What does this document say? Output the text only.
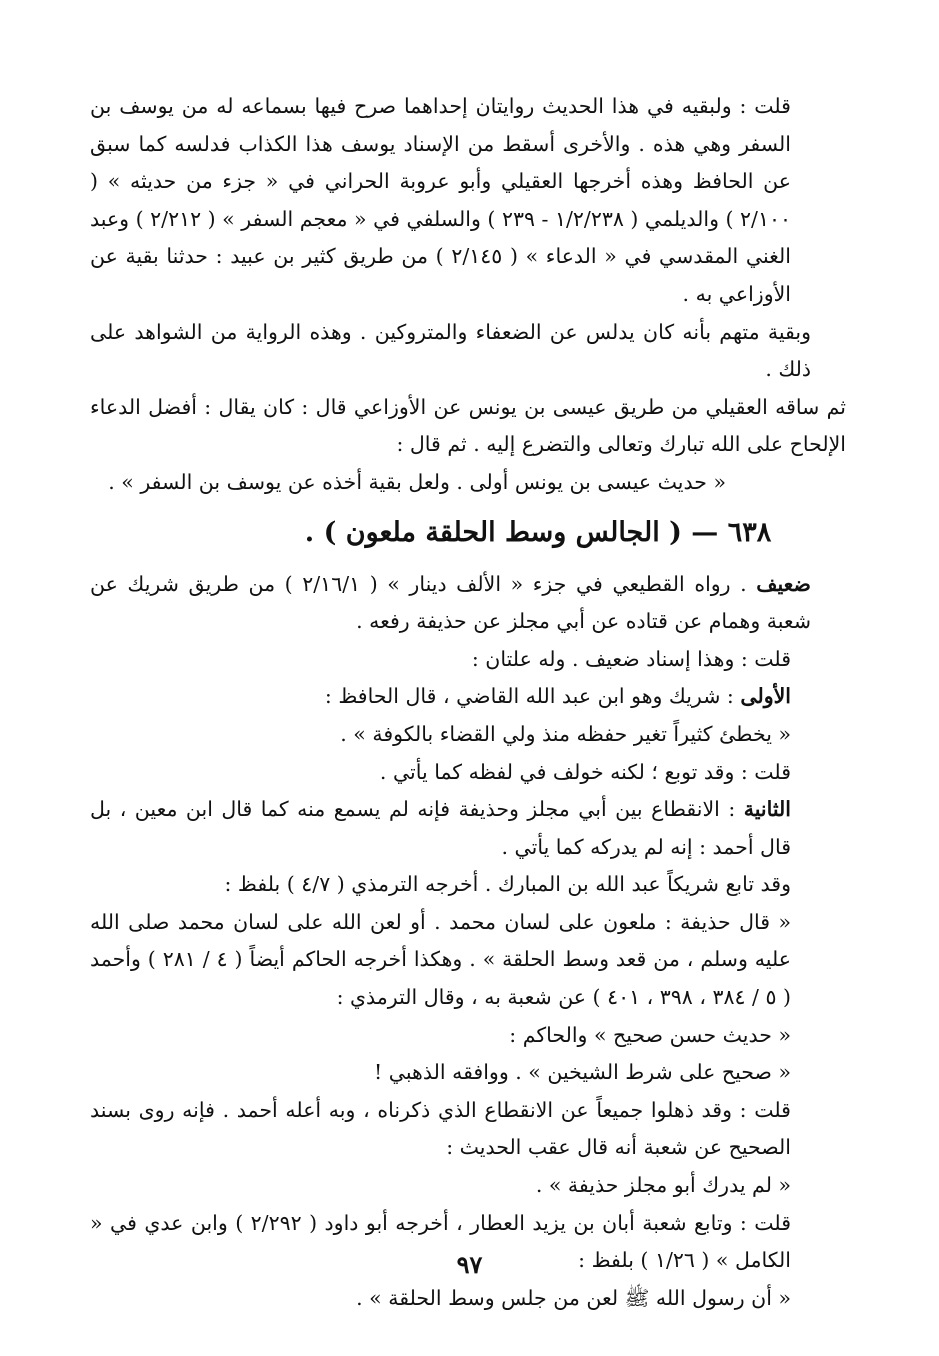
قلت : ولبقيه في هذا الحديث روايتان إحداهما صرح فيها بسماعه له من يوسف بن السفر وهي هذه . والأخرى أسقط من الإسناد يوسف هذا الكذاب فدلسه كما سبق عن الحافظ وهذه أخرجها العقيلي وأبو عروبة الحراني في « جزء من حديثه » ( ٢/١٠٠ ) والديلمي ( ١/٢/٢٣٨ - ٢٣٩ ) والسلفي في « معجم السفر » ( ٢/٢١٢ ) وعبد الغني المقدسي في « الدعاء » ( ٢/١٤٥ ) من طريق كثير بن عبيد : حدثنا بقية عن الأوزاعي به .

وبقية متهم بأنه كان يدلس عن الضعفاء والمتروكين . وهذه الرواية من الشواهد على ذلك .

ثم ساقه العقيلي من طريق عيسى بن يونس عن الأوزاعي قال : كان يقال : أفضل الدعاء الإلحاح على الله تبارك وتعالى والتضرع إليه . ثم قال :

« حديث عيسى بن يونس أولى . ولعل بقية أخذه عن يوسف بن السفر » .

٦٣٨ — ( الجالس وسط الحلقة ملعون ) .

ضعيف . رواه القطيعي في جزء « الألف دينار » ( ٢/١٦/١ ) من طريق شريك عن شعبة وهمام عن قتاده عن أبي مجلز عن حذيفة رفعه .

قلت : وهذا إسناد ضعيف . وله علتان :

الأولى : شريك وهو ابن عبد الله القاضي ، قال الحافظ :

« يخطئ كثيراً تغير حفظه منذ ولي القضاء بالكوفة » .

قلت : وقد توبع ؛ لكنه خولف في لفظه كما يأتي .

الثانية : الانقطاع بين أبي مجلز وحذيفة فإنه لم يسمع منه كما قال ابن معين ، بل قال أحمد : إنه لم يدركه كما يأتي .

وقد تابع شريكاً عبد الله بن المبارك . أخرجه الترمذي ( ٤/٧ ) بلفظ :

« قال حذيفة : ملعون على لسان محمد . أو لعن الله على لسان محمد صلى الله عليه وسلم ، من قعد وسط الحلقة » . وهكذا أخرجه الحاكم أيضاً ( ٤ / ٢٨١ ) وأحمد ( ٥ / ٣٨٤ ، ٣٩٨ ، ٤٠١ ) عن شعبة به ، وقال الترمذي :

« حديث حسن صحيح » والحاكم :

« صحيح على شرط الشيخين » . ووافقه الذهبي !

قلت : وقد ذهلوا جميعاً عن الانقطاع الذي ذكرناه ، وبه أعله أحمد . فإنه روى بسند الصحيح عن شعبة أنه قال عقب الحديث :

« لم يدرك أبو مجلز حذيفة » .

قلت : وتابع شعبة أبان بن يزيد العطار ، أخرجه أبو داود ( ٢/٢٩٢ ) وابن عدي في « الكامل » ( ١/٢٦ ) بلفظ :

« أن رسول الله ﷺ لعن من جلس وسط الحلقة » .

٩٧
